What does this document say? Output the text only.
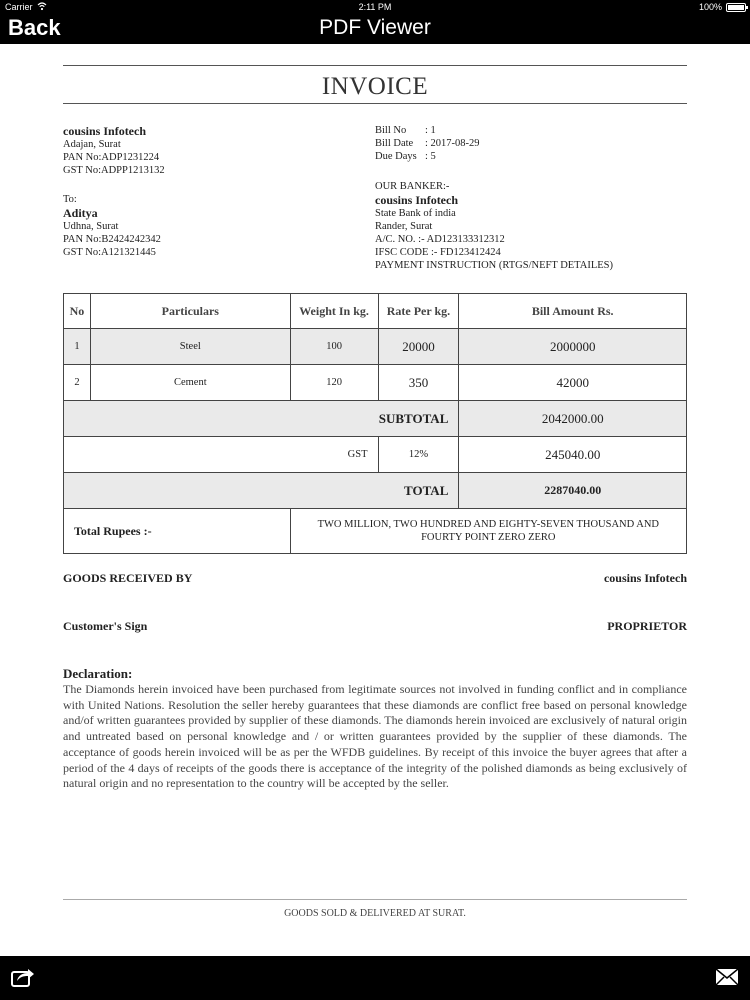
Carrier	2:11 PM	100%
Back	PDF Viewer
INVOICE
cousins Infotech
Adajan, Surat
PAN No:ADP1231224
GST No:ADPP1213132
Bill No	: 1
Bill Date	: 2017-08-29
Due Days : 5
To:
Aditya
Udhna, Surat
PAN No:B2424242342
GST No:A121321445
OUR BANKER:-
cousins Infotech
State Bank of india
Rander, Surat
A/C. NO. :- AD123133312312
IFSC CODE :- FD123412424
PAYMENT INSTRUCTION (RTGS/NEFT DETAILES)
No	Particulars	Weight In kg.	Rate Per kg.	Bill Amount Rs.
1	Steel	100	20000	2000000
2	Cement	120	350	42000
SUBTOTAL				2042000.00
GST			12%	245040.00
TOTAL				2287040.00
Total Rupees :-		TWO MILLION, TWO HUNDRED AND EIGHTY-SEVEN THOUSAND AND FOURTY POINT ZERO ZERO		
GOODS RECEIVED BY	cousins Infotech
Customer's Sign	PROPRIETOR
Declaration:
The Diamonds herein invoiced have been purchased from legitimate sources not involved in funding conflict and in compliance with United Nations. Resolution the seller hereby guarantees that these diamonds are conflict free based on personal knowledge and/of written guarantees provided by supplier of these diamonds. The diamonds herein invoiced are exclusively of natural origin and untreated based on personal knowledge and / or written guarantees provided by the supplier of these diamonds. The acceptance of goods herein invoiced will be as per the WFDB guidelines. By receipt of this invoice the buyer agrees that after a period of the 4 days of receipts of the goods there is acceptance of the integrity of the polished diamonds as being exclusively of natural origin and no representation to the country will be accepted by the seller.
GOODS SOLD & DELIVERED AT SURAT.
